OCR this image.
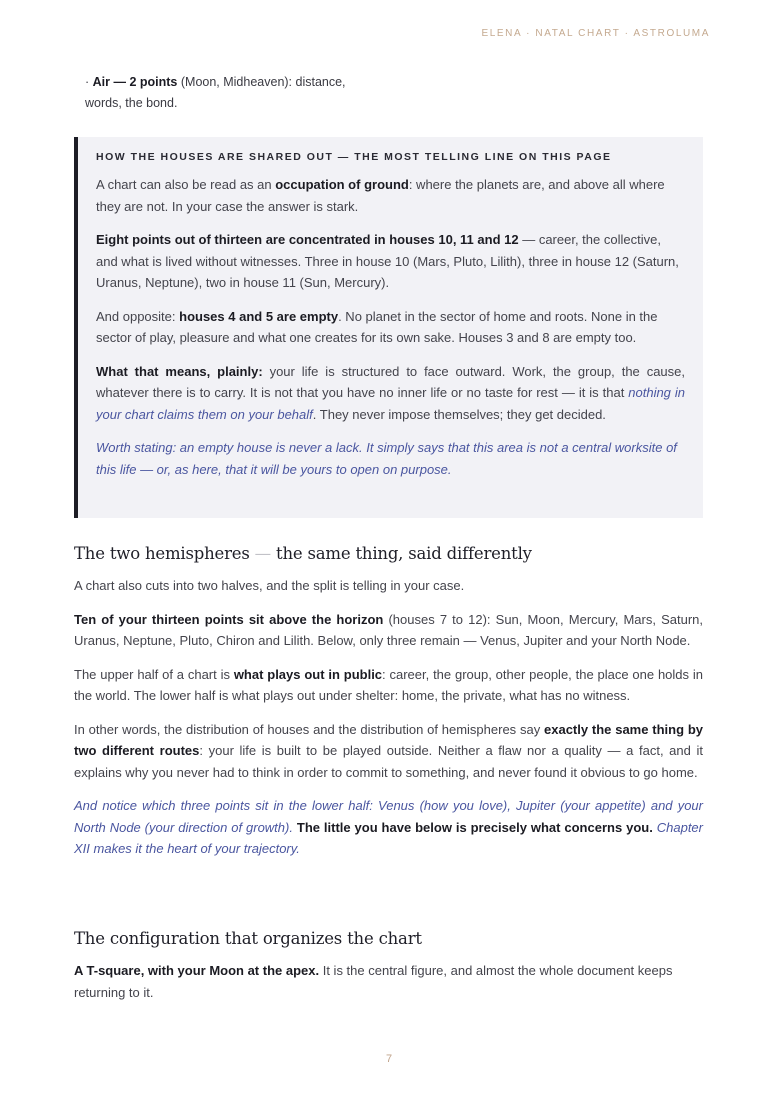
ELENA · NATAL CHART · ASTROLUMA
· Air — 2 points (Moon, Midheaven): distance, words, the bond.
HOW THE HOUSES ARE SHARED OUT — THE MOST TELLING LINE ON THIS PAGE

A chart can also be read as an occupation of ground: where the planets are, and above all where they are not. In your case the answer is stark.

Eight points out of thirteen are concentrated in houses 10, 11 and 12 — career, the collective, and what is lived without witnesses. Three in house 10 (Mars, Pluto, Lilith), three in house 12 (Saturn, Uranus, Neptune), two in house 11 (Sun, Mercury).

And opposite: houses 4 and 5 are empty. No planet in the sector of home and roots. None in the sector of play, pleasure and what one creates for its own sake. Houses 3 and 8 are empty too.

What that means, plainly: your life is structured to face outward. Work, the group, the cause, whatever there is to carry. It is not that you have no inner life or no taste for rest — it is that nothing in your chart claims them on your behalf. They never impose themselves; they get decided.

Worth stating: an empty house is never a lack. It simply says that this area is not a central worksite of this life — or, as here, that it will be yours to open on purpose.

The two hemispheres — the same thing, said differently

A chart also cuts into two halves, and the split is telling in your case.

Ten of your thirteen points sit above the horizon (houses 7 to 12): Sun, Moon, Mercury, Mars, Saturn, Uranus, Neptune, Pluto, Chiron and Lilith. Below, only three remain — Venus, Jupiter and your North Node.

The upper half of a chart is what plays out in public: career, the group, other people, the place one holds in the world. The lower half is what plays out under shelter: home, the private, what has no witness.

In other words, the distribution of houses and the distribution of hemispheres say exactly the same thing by two different routes: your life is built to be played outside. Neither a flaw nor a quality — a fact, and it explains why you never had to think in order to commit to something, and never found it obvious to go home.

And notice which three points sit in the lower half: Venus (how you love), Jupiter (your appetite) and your North Node (your direction of growth). The little you have below is precisely what concerns you. Chapter XII makes it the heart of your trajectory.

The configuration that organizes the chart

A T-square, with your Moon at the apex. It is the central figure, and almost the whole document keeps returning to it.

7
